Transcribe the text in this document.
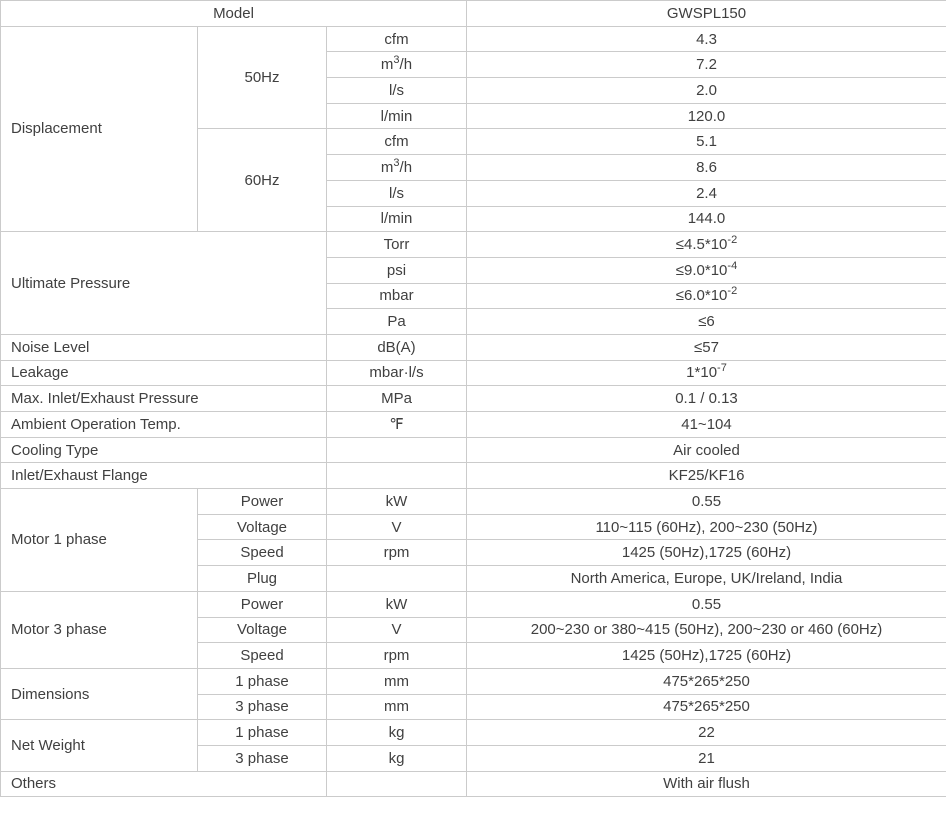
Model			GWSPL150
Displacement	50Hz	cfm	4.3
		$m^3/h$	7.2
		l/s	2.0
		l/min	120.0
	60Hz	cfm	5.1
		$m^3/h$	8.6
		l/s	2.4
		l/min	144.0
Ultimate Pressure		Torr	$\le 4.5*10^{-2}$
		psi	$\le 9.0*10^{-4}$
		mbar	$\le 6.0*10^{-2}$
		Pa	≤6
Noise Level		dB(A)	≤57
Leakage		mbar·l/s	$1*10^{-7}$
Max. Inlet/Exhaust Pressure		MPa	0.1 / 0.13
Ambient Operation Temp.		℉	41~104
Cooling Type			Air cooled
Inlet/Exhaust Flange			KF25/KF16
Motor 1 phase	Power	kW	0.55
	Voltage	V	110~115 (60Hz), 200~230 (50Hz)
	Speed	rpm	1425 (50Hz),1725 (60Hz)
	Plug		North America, Europe, UK/Ireland, India
Motor 3 phase	Power	kW	0.55
	Voltage	V	200~230 or 380~415 (50Hz), 200~230 or 460 (60Hz)
	Speed	rpm	1425 (50Hz),1725 (60Hz)
Dimensions	1 phase	mm	475*265*250
	3 phase	mm	475*265*250
Net Weight	1 phase	kg	22
	3 phase	kg	21
Others			With air flush
